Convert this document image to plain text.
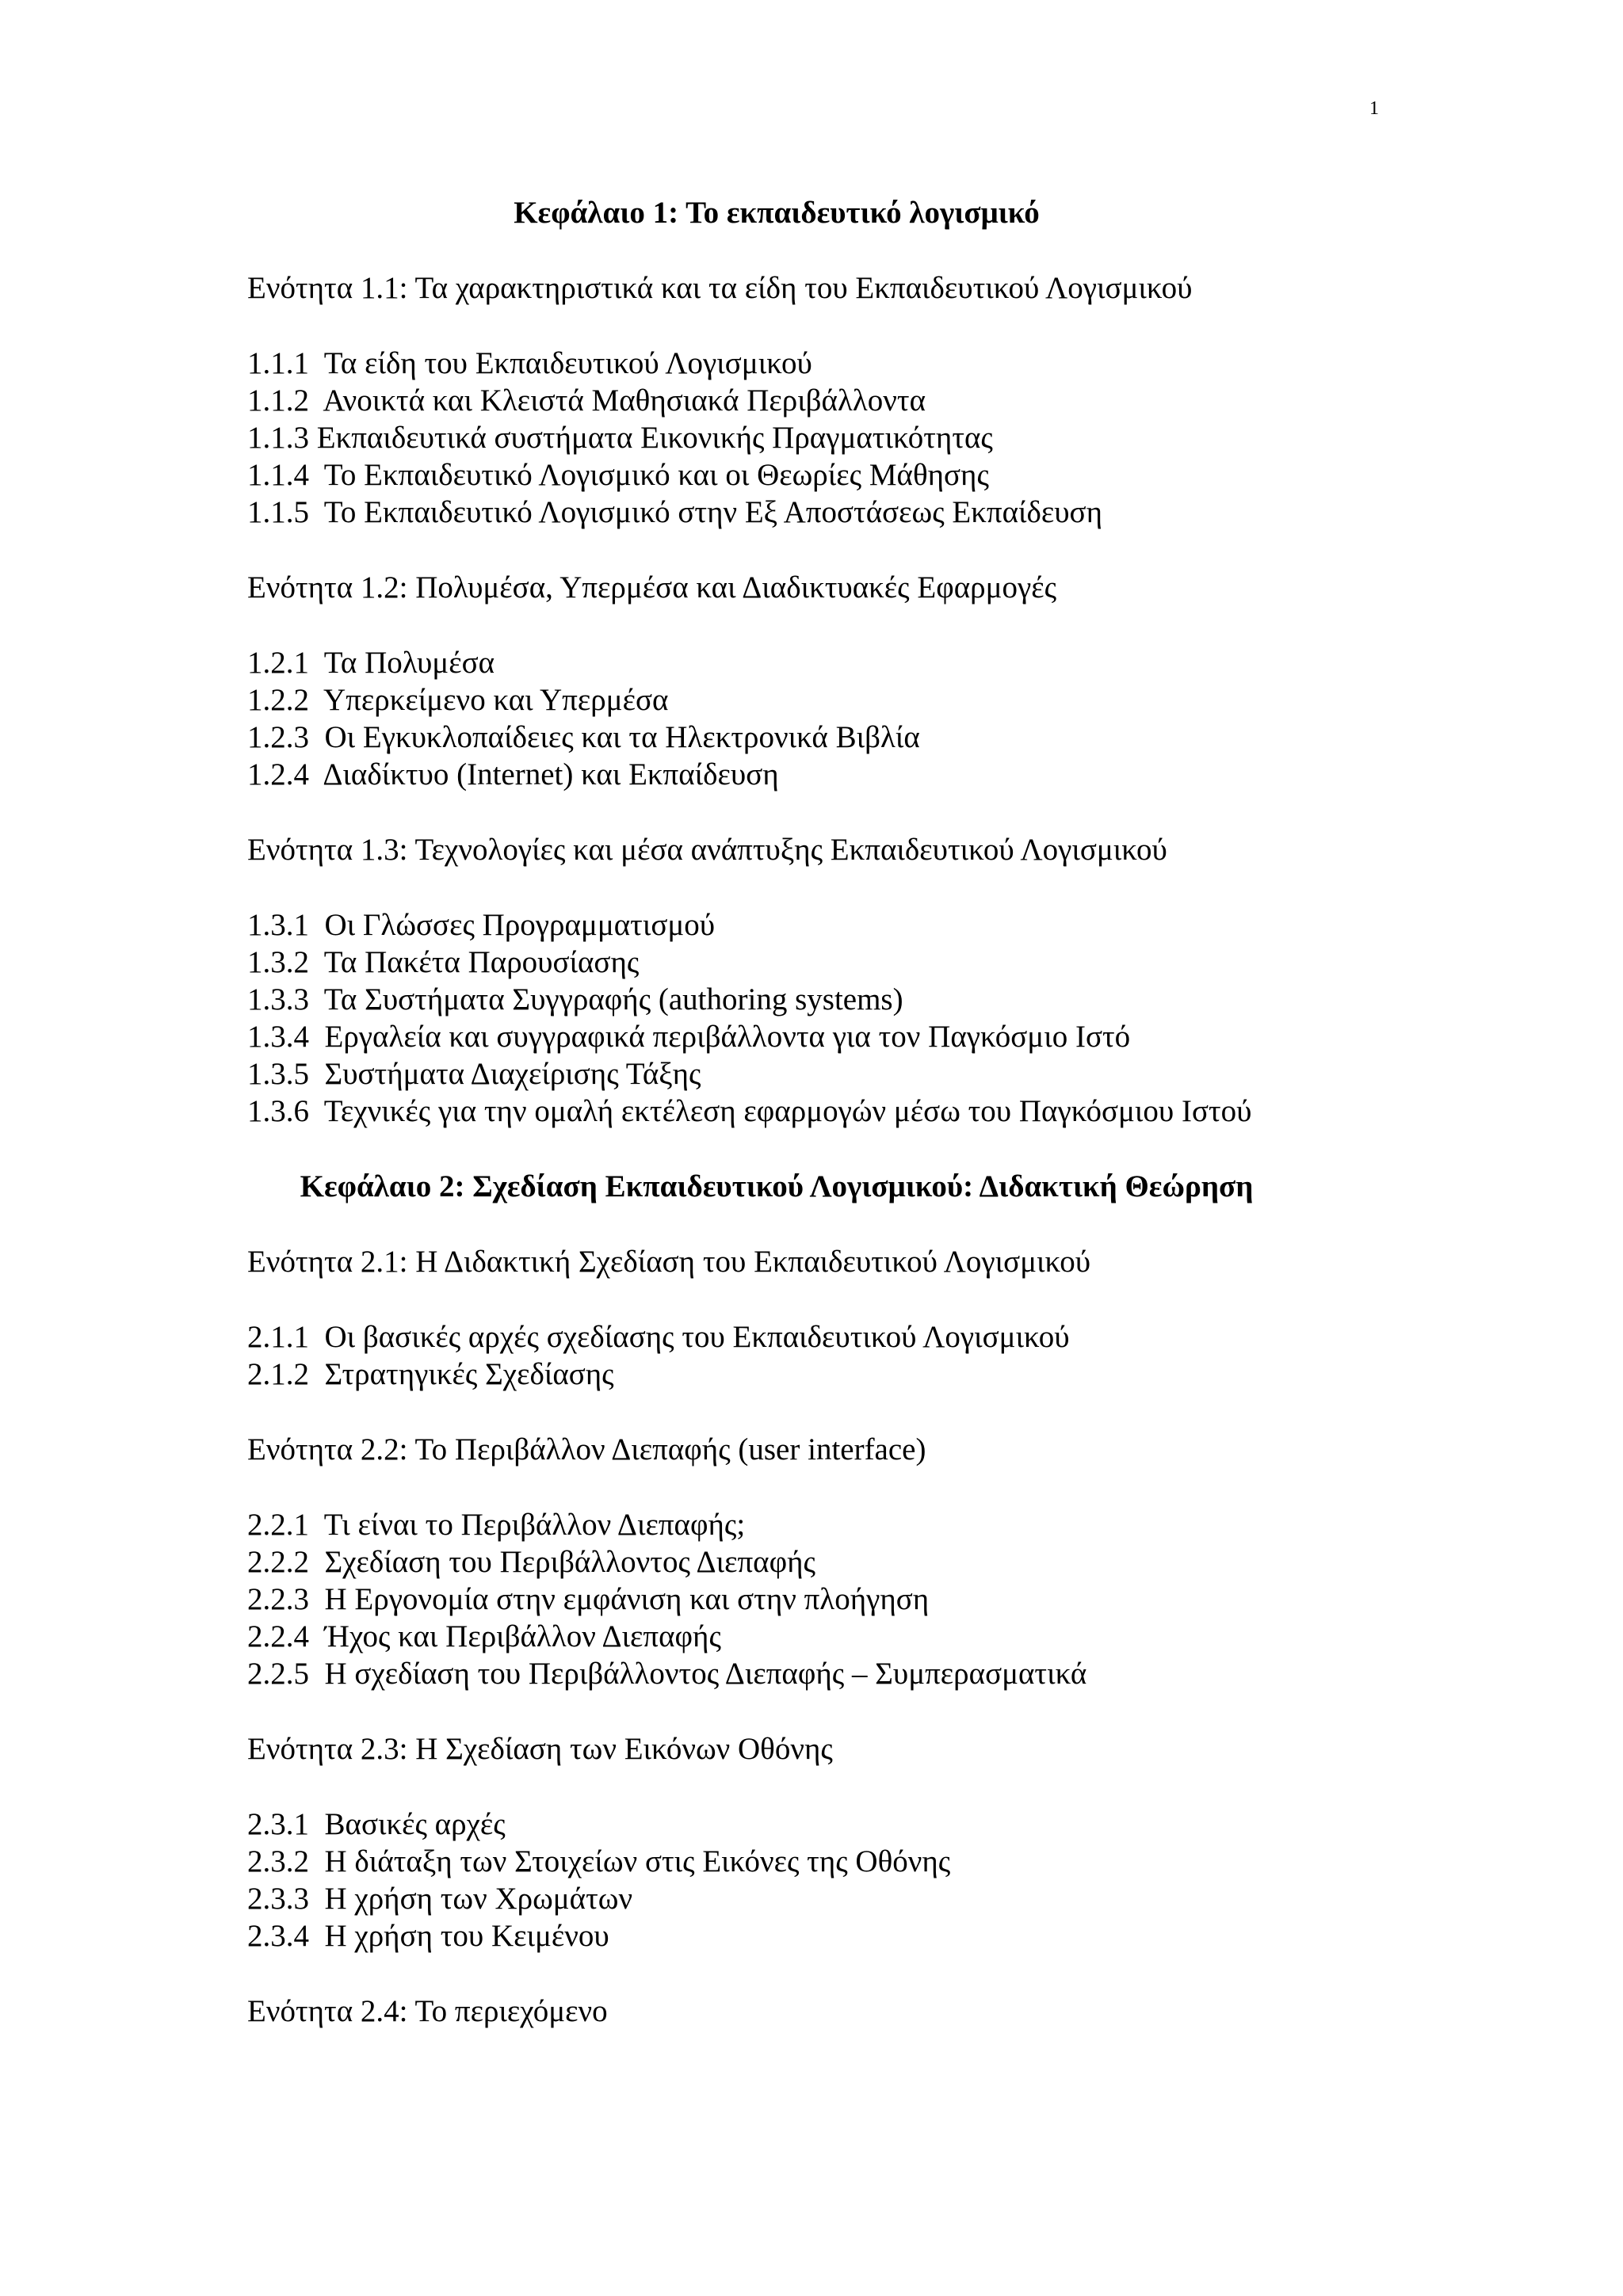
1
Κεφάλαιο 1: Το εκπαιδευτικό λογισμικό

Ενότητα 1.1: Τα χαρακτηριστικά και τα είδη του Εκπαιδευτικού Λογισμικού

1.1.1  Τα είδη του Εκπαιδευτικού Λογισμικού

1.1.2  Ανοικτά και Κλειστά Μαθησιακά Περιβάλλοντα

1.1.3 Εκπαιδευτικά συστήματα Εικονικής Πραγματικότητας

1.1.4  Το Εκπαιδευτικό Λογισμικό και οι Θεωρίες Μάθησης

1.1.5  Το Εκπαιδευτικό Λογισμικό στην Εξ Αποστάσεως Εκπαίδευση

Ενότητα 1.2: Πολυμέσα, Υπερμέσα και Διαδικτυακές Εφαρμογές

1.2.1  Τα Πολυμέσα

1.2.2  Υπερκείμενο και Υπερμέσα

1.2.3  Οι Εγκυκλοπαίδειες και τα Ηλεκτρονικά Βιβλία

1.2.4  Διαδίκτυο (Internet) και Εκπαίδευση

Ενότητα 1.3: Τεχνολογίες και μέσα ανάπτυξης Εκπαιδευτικού Λογισμικού

1.3.1  Οι Γλώσσες Προγραμματισμού

1.3.2  Τα Πακέτα Παρουσίασης

1.3.3  Τα Συστήματα Συγγραφής (authoring systems)

1.3.4  Εργαλεία και συγγραφικά περιβάλλοντα για τον Παγκόσμιο Ιστό

1.3.5  Συστήματα Διαχείρισης Τάξης

1.3.6  Τεχνικές για την ομαλή εκτέλεση εφαρμογών μέσω του Παγκόσμιου Ιστού

Κεφάλαιο 2: Σχεδίαση Εκπαιδευτικού Λογισμικού: Διδακτική Θεώρηση

Ενότητα 2.1: Η Διδακτική Σχεδίαση του Εκπαιδευτικού Λογισμικού

2.1.1  Οι βασικές αρχές σχεδίασης του Εκπαιδευτικού Λογισμικού

2.1.2  Στρατηγικές Σχεδίασης

Ενότητα 2.2: Το Περιβάλλον Διεπαφής (user interface)

2.2.1  Τι είναι το Περιβάλλον Διεπαφής;

2.2.2  Σχεδίαση του Περιβάλλοντος Διεπαφής

2.2.3  Η Εργονομία στην εμφάνιση και στην πλοήγηση

2.2.4  Ήχος και Περιβάλλον Διεπαφής

2.2.5  Η σχεδίαση του Περιβάλλοντος Διεπαφής – Συμπερασματικά

Ενότητα 2.3: Η Σχεδίαση των Εικόνων Οθόνης

2.3.1  Βασικές αρχές

2.3.2  Η διάταξη των Στοιχείων στις Εικόνες της Οθόνης

2.3.3  Η χρήση των Χρωμάτων

2.3.4  Η χρήση του Κειμένου

Ενότητα 2.4: Το περιεχόμενο
